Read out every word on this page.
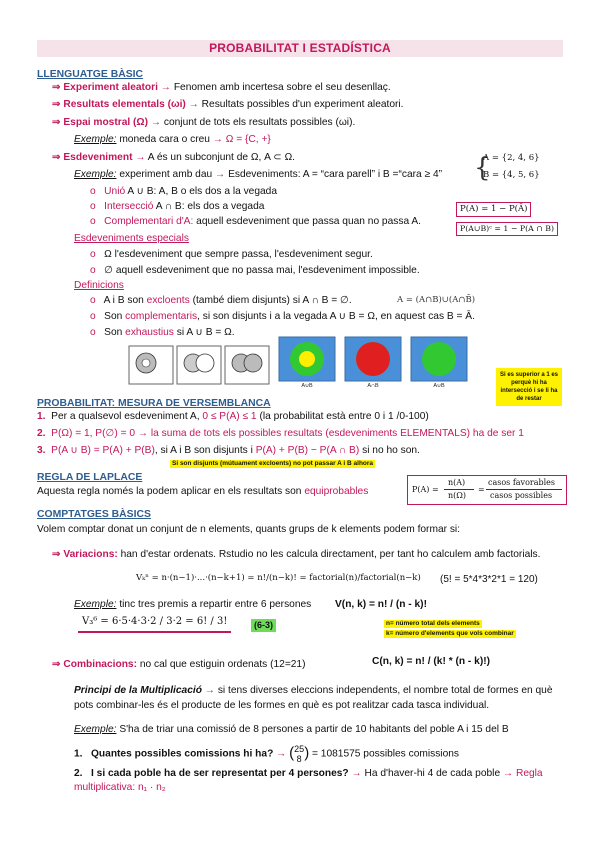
PROBABILITAT I ESTADÍSTICA
LLENGUATGE BÀSIC
⇒ Experiment aleatori → Fenomen amb incertesa sobre el seu desenllaç.
⇒ Resultats elementals (ωi) → Resultats possibles d'un experiment aleatori.
⇒ Espai mostral (Ω) → conjunt de tots els resultats possibles (ωi).
Exemple: moneda cara o creu → Ω = {C, +}
⇒ Esdeveniment → A és un subconjunt de Ω, A ⊂ Ω.
Exemple: experiment amb dau → Esdeveniments: A = “cara parell” i B =“cara ≥ 4”
A = {2, 4, 6}
B = {4, 5, 6}
{
o Unió A ∪ B: A, B o els dos a la vegada
o Intersecció A ∩ B: els dos a vegada
o Complementari d'A: aquell esdeveniment que passa quan no passa A.
P(A) = 1 − P(Ā)
P(A∪B)ᶜ = 1 − P(A ∩ B)
Esdeveniments especials
o Ω l'esdeveniment que sempre passa, l'esdeveniment segur.
o ∅ aquell esdeveniment que no passa mai, l'esdeveniment impossible.
Definicions
o A i B son excloents (també diem disjunts) si A ∩ B = ∅.	A = (A∩B)∪(A∩B̄)
o Son complementaris, si son disjunts i a la vegada A ∪ B = Ω, en aquest cas B = Ā.
o Son exhaustius si A ∪ B = Ω.
A∪B	A∩B	A∪B
Si es superior a 1 es perquè hi ha intersecció i se li ha de restar
PROBABILITAT: MESURA DE VERSEMBLANCA
1. Per a qualsevol esdeveniment A, 0 ≤ P(A) ≤ 1 (la probabilitat està entre 0 i 1 /0-100)
2. P(Ω) = 1, P(∅) = 0 → la suma de tots els possibles resultats (esdeveniments ELEMENTALS) ha de ser 1
3. P(A ∪ B) = P(A) + P(B), si A i B son disjunts i P(A) + P(B) − P(A ∩ B) si no ho son.
Si son disjunts (mútuament excloents) no pot passar A i B alhora
REGLA DE LAPLACE
Aquesta regla només la podem aplicar en els resultats son equiprobables	P(A) =
n(A)
n(Ω)
=
casos favorables
casos possibles
COMPTATGES BÀSICS
Volem comptar donat un conjunt de n elements, quants grups de k elements podem formar si:
⇒ Variacions: han d'estar ordenats. Rstudio no les calcula directament, per tant ho calculem amb factorials.
Vₖⁿ = n·(n−1)·...·(n−k+1) = n!/(n−k)! = factorial(n)/factorial(n−k) (5! = 5*4*3*2*1 = 120)
Exemple: tinc tres premis a repartir entre 6 persones V(n, k) = n! / (n - k)!
V₃⁶ = 6·5·4·3·2 / 3·2 = 6! / 3!	(6-3)	n= número total dels elements
k= número d'elements que vols combinar
⇒ Combinacions: no cal que estiguin ordenats (12=21)	C(n, k) = n! / (k! * (n - k)!)
Principi de la Multiplicació → si tens diverses eleccions independents, el nombre total de formes en què pots combinar-les és el producte de les formes en què es pot realitzar cada tasca individual.
Exemple: S'ha de triar una comissió de 8 persones a partir de 10 habitants del poble A i 15 del B
1. Quantes possibles comissions hi ha? → (25
8 ) = 1081575 possibles comissions
2. I si cada poble ha de ser representat per 4 persones? → Ha d'haver-hi 4 de cada poble → Regla multiplicativa: n₁ · n₂
